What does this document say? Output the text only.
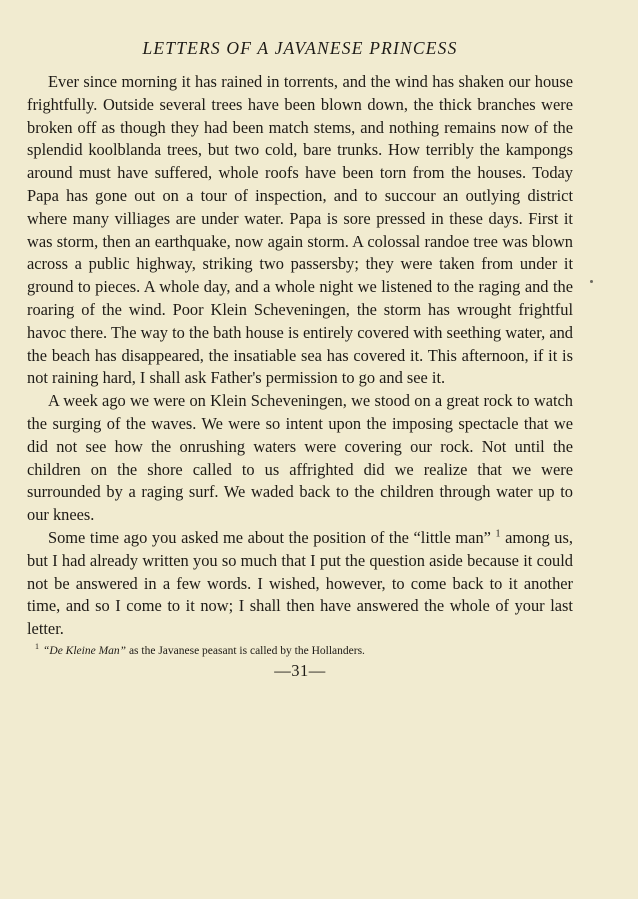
LETTERS OF A JAVANESE PRINCESS

Ever since morning it has rained in torrents, and the wind has shaken our house frightfully. Outside several trees have been blown down, the thick branches were broken off as though they had been match stems, and nothing remains now of the splendid koolblanda trees, but two cold, bare trunks. How terribly the kampongs around must have suffered, whole roofs have been torn from the houses. Today Papa has gone out on a tour of inspection, and to succour an outlying district where many villiages are under water. Papa is sore pressed in these days. First it was storm, then an earthquake, now again storm. A colossal randoe tree was blown across a public highway, striking two passersby; they were taken from under it ground to pieces. A whole day, and a whole night we listened to the raging and the roaring of the wind. Poor Klein Scheveningen, the storm has wrought frightful havoc there. The way to the bath house is entirely covered with seething water, and the beach has disappeared, the insatiable sea has covered it. This afternoon, if it is not raining hard, I shall ask Father's permission to go and see it.

A week ago we were on Klein Scheveningen, we stood on a great rock to watch the surging of the waves. We were so intent upon the imposing spectacle that we did not see how the onrushing waters were covering our rock. Not until the children on the shore called to us affrighted did we realize that we were surrounded by a raging surf. We waded back to the children through water up to our knees.

Some time ago you asked me about the position of the “little man” $^1$ among us, but I had already written you so much that I put the question aside because it could not be answered in a few words. I wished, however, to come back to it another time, and so I come to it now; I shall then have answered the whole of your last letter.

$^1$ “De Kleine Man” as the Javanese peasant is called by the Hollanders.
—31—
